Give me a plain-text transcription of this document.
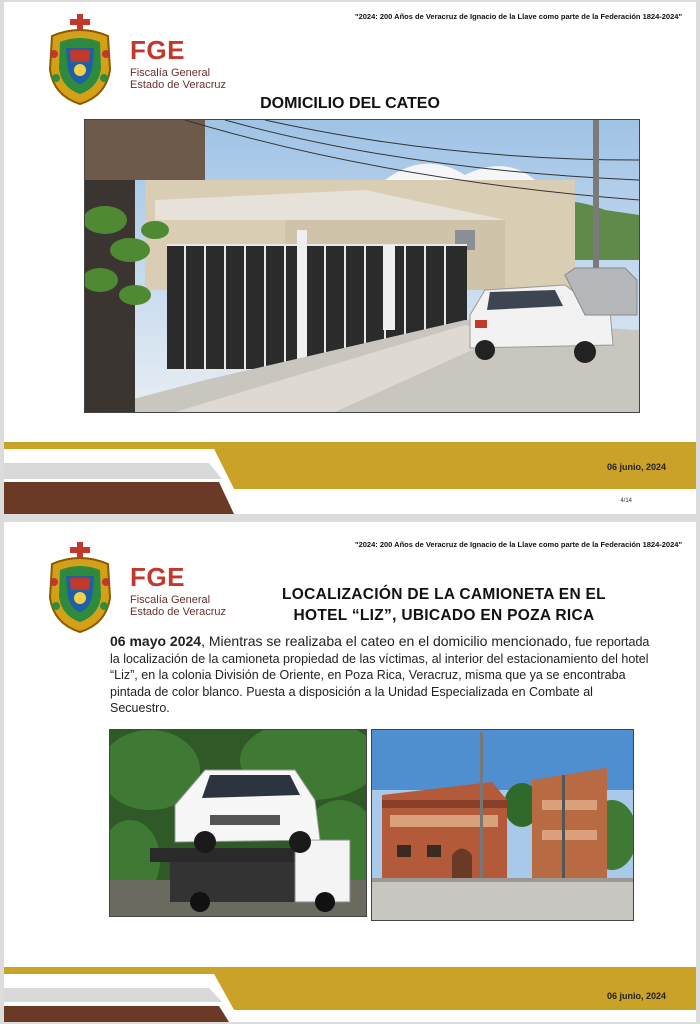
"2024: 200 Años de Veracruz de Ignacio de la Llave como parte de la Federación 1824-2024"
FGE
Fiscalía General
Estado de Veracruz
DOMICILIO DEL CATEO
06 junio, 2024
4/14
"2024: 200 Años de Veracruz de Ignacio de la Llave como parte de la Federación 1824-2024"
FGE
Fiscalía General
Estado de Veracruz
LOCALIZACIÓN DE LA CAMIONETA EN EL
HOTEL “LIZ”, UBICADO EN POZA RICA
06 mayo 2024, Mientras se realizaba el cateo en el domicilio mencionado, fue reportada la localización de la camioneta propiedad de las víctimas, al interior del estacionamiento del hotel “Liz”, en la colonia División de Oriente, en Poza Rica, Veracruz, misma que ya se encontraba pintada de color blanco. Puesta a disposición a la Unidad Especializada en Combate al Secuestro.
06 junio, 2024
